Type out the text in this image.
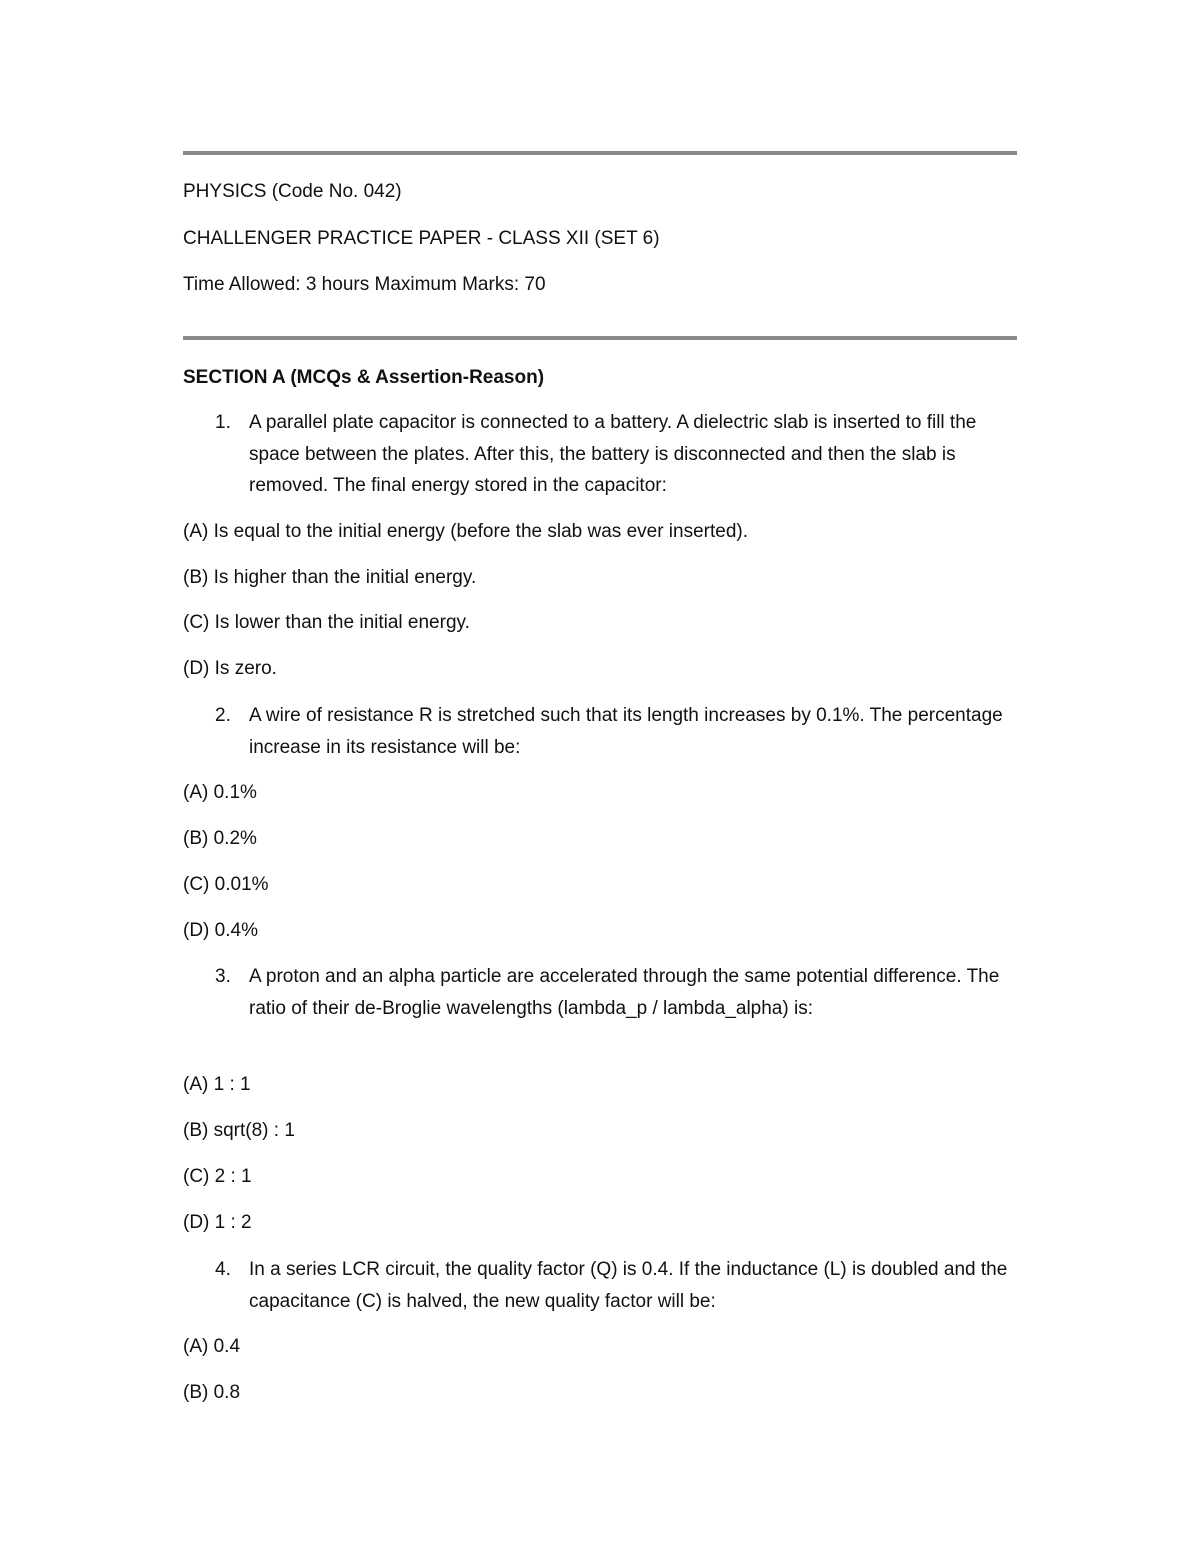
PHYSICS (Code No. 042)
CHALLENGER PRACTICE PAPER - CLASS XII (SET 6)
Time Allowed: 3 hours Maximum Marks: 70
SECTION A (MCQs & Assertion-Reason)
1. A parallel plate capacitor is connected to a battery. A dielectric slab is inserted to fill the space between the plates. After this, the battery is disconnected and then the slab is removed. The final energy stored in the capacitor:
(A) Is equal to the initial energy (before the slab was ever inserted).
(B) Is higher than the initial energy.
(C) Is lower than the initial energy.
(D) Is zero.
2. A wire of resistance R is stretched such that its length increases by 0.1%. The percentage increase in its resistance will be:
(A) 0.1%
(B) 0.2%
(C) 0.01%
(D) 0.4%
3. A proton and an alpha particle are accelerated through the same potential difference. The ratio of their de-Broglie wavelengths (lambda_p / lambda_alpha) is:
(A) 1 : 1
(B) sqrt(8) : 1
(C) 2 : 1
(D) 1 : 2
4. In a series LCR circuit, the quality factor (Q) is 0.4. If the inductance (L) is doubled and the capacitance (C) is halved, the new quality factor will be:
(A) 0.4
(B) 0.8
